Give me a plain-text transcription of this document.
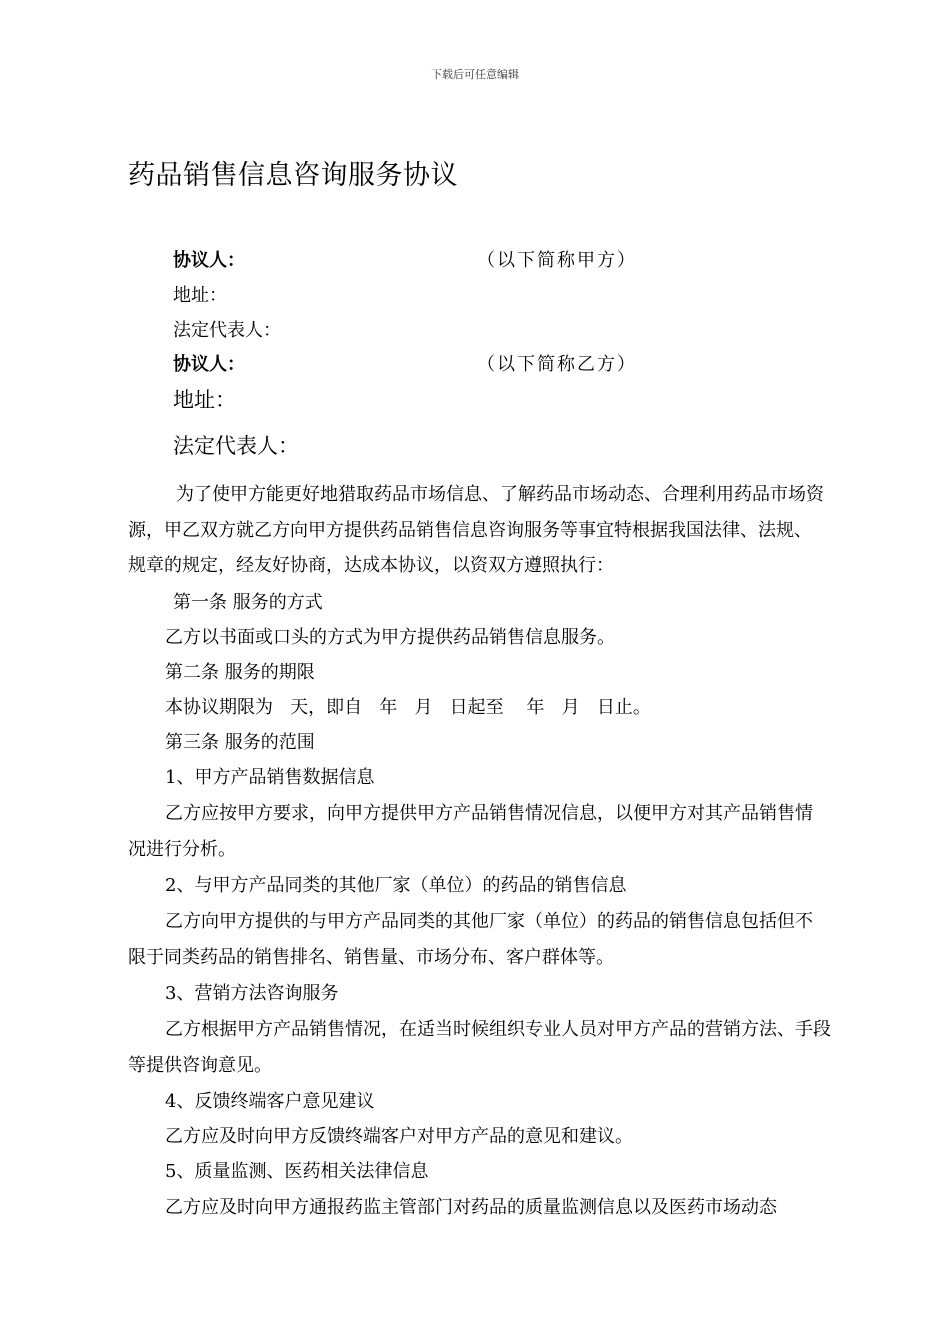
下载后可任意编辑
药品销售信息咨询服务协议
协议人：	（以下简称甲方）
地址：
法定代表人：
协议人：	（以下简称乙方）
地址：
法定代表人：

为了使甲方能更好地猎取药品市场信息、了解药品市场动态、合理利用药品市场资源，甲乙双方就乙方向甲方提供药品销售信息咨询服务等事宜特根据我国法律、法规、规章的规定，经友好协商，达成本协议，以资双方遵照执行：

第一条 服务的方式

乙方以书面或口头的方式为甲方提供药品销售信息服务。

第二条 服务的期限

本协议期限为   天，即自   年   月   日起至    年   月   日止。

第三条 服务的范围

1、甲方产品销售数据信息

乙方应按甲方要求，向甲方提供甲方产品销售情况信息，以便甲方对其产品销售情况进行分析。

2、与甲方产品同类的其他厂家（单位）的药品的销售信息

乙方向甲方提供的与甲方产品同类的其他厂家（单位）的药品的销售信息包括但不限于同类药品的销售排名、销售量、市场分布、客户群体等。

3、营销方法咨询服务

乙方根据甲方产品销售情况，在适当时候组织专业人员对甲方产品的营销方法、手段等提供咨询意见。

4、反馈终端客户意见建议

乙方应及时向甲方反馈终端客户对甲方产品的意见和建议。

5、质量监测、医药相关法律信息

乙方应及时向甲方通报药监主管部门对药品的质量监测信息以及医药市场动态
